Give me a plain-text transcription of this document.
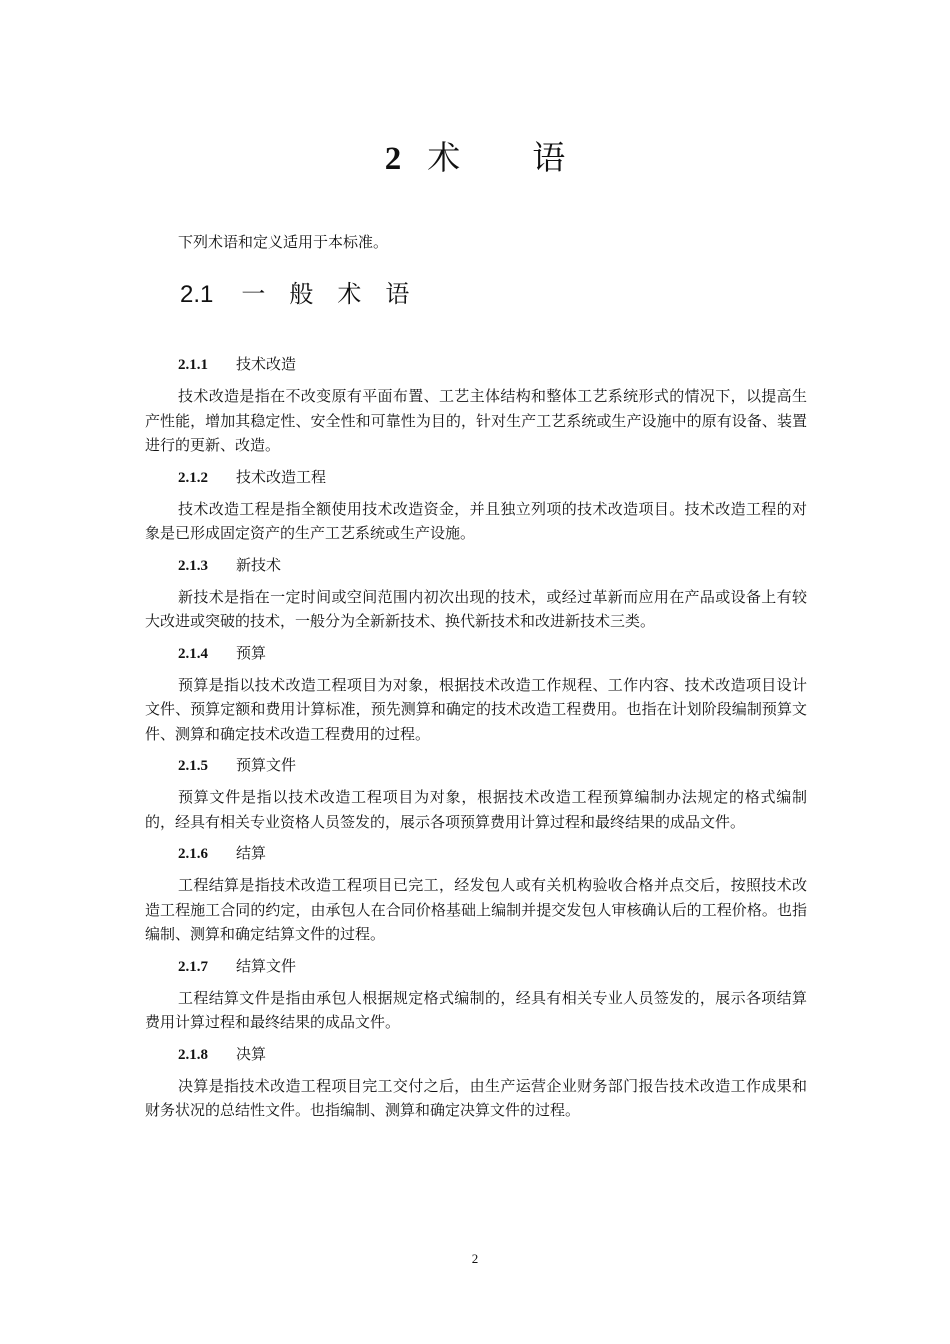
2 术 语
下列术语和定义适用于本标准。
2.1 一般术语
2.1.1 技术改造

技术改造是指在不改变原有平面布置、工艺主体结构和整体工艺系统形式的情况下，以提高生产性能，增加其稳定性、安全性和可靠性为目的，针对生产工艺系统或生产设施中的原有设备、装置进行的更新、改造。

2.1.2 技术改造工程

技术改造工程是指全额使用技术改造资金，并且独立列项的技术改造项目。技术改造工程的对象是已形成固定资产的生产工艺系统或生产设施。

2.1.3 新技术

新技术是指在一定时间或空间范围内初次出现的技术，或经过革新而应用在产品或设备上有较大改进或突破的技术，一般分为全新新技术、换代新技术和改进新技术三类。

2.1.4 预算

预算是指以技术改造工程项目为对象，根据技术改造工作规程、工作内容、技术改造项目设计文件、预算定额和费用计算标准，预先测算和确定的技术改造工程费用。也指在计划阶段编制预算文件、测算和确定技术改造工程费用的过程。

2.1.5 预算文件

预算文件是指以技术改造工程项目为对象，根据技术改造工程预算编制办法规定的格式编制的，经具有相关专业资格人员签发的，展示各项预算费用计算过程和最终结果的成品文件。

2.1.6 结算

工程结算是指技术改造工程项目已完工，经发包人或有关机构验收合格并点交后，按照技术改造工程施工合同的约定，由承包人在合同价格基础上编制并提交发包人审核确认后的工程价格。也指编制、测算和确定结算文件的过程。

2.1.7 结算文件

工程结算文件是指由承包人根据规定格式编制的，经具有相关专业人员签发的，展示各项结算费用计算过程和最终结果的成品文件。

2.1.8 决算

决算是指技术改造工程项目完工交付之后，由生产运营企业财务部门报告技术改造工作成果和财务状况的总结性文件。也指编制、测算和确定决算文件的过程。

2
